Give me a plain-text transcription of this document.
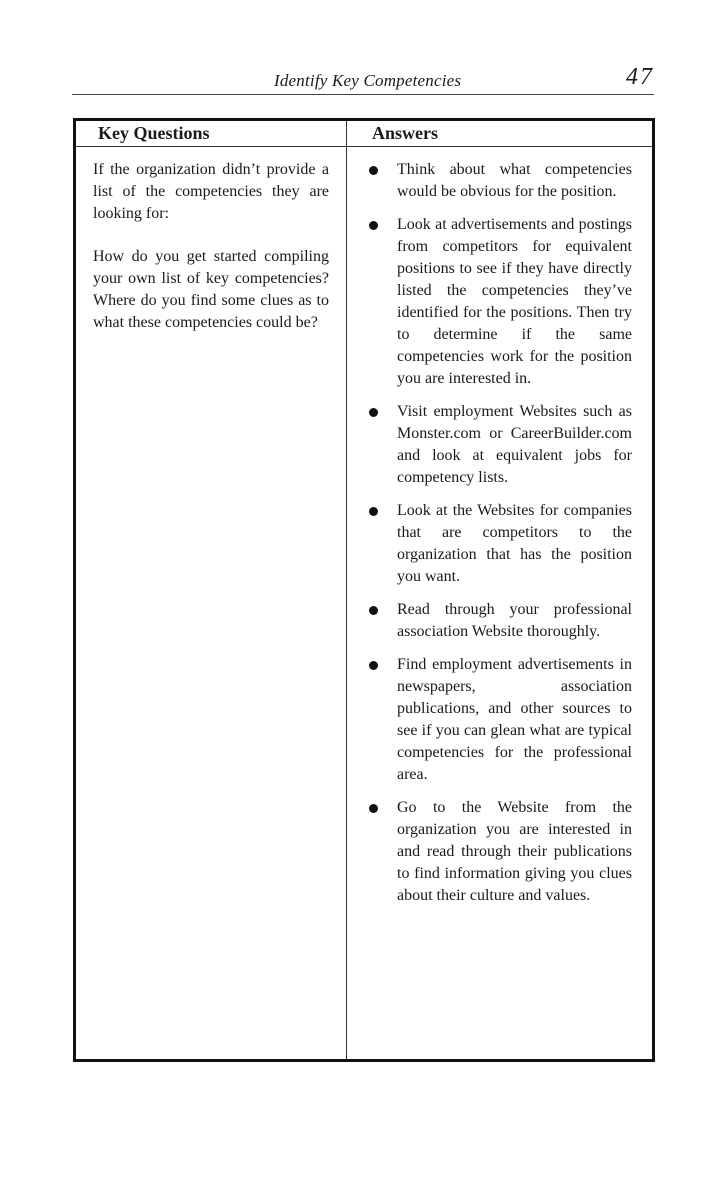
Identify Key Competencies	47
Key Questions	Answers

If the organization didn’t provide a list of the competencies they are looking for:

How do you get started compiling your own list of key competencies? Where do you find some clues as to what these competencies could be?

Think about what competencies would be obvious for the position.
Look at advertisements and postings from competitors for equivalent positions to see if they have directly listed the competencies they’ve identified for the positions. Then try to determine if the same competencies work for the position you are interested in.
Visit employment Websites such as Monster.com or CareerBuilder.com and look at equivalent jobs for competency lists.
Look at the Websites for companies that are competitors to the organization that has the position you want.
Read through your professional association Website thoroughly.
Find employment advertisements in newspapers, association publications, and other sources to see if you can glean what are typical competencies for the professional area.
Go to the Website from the organization you are interested in and read through their publications to find information giving you clues about their culture and values.
